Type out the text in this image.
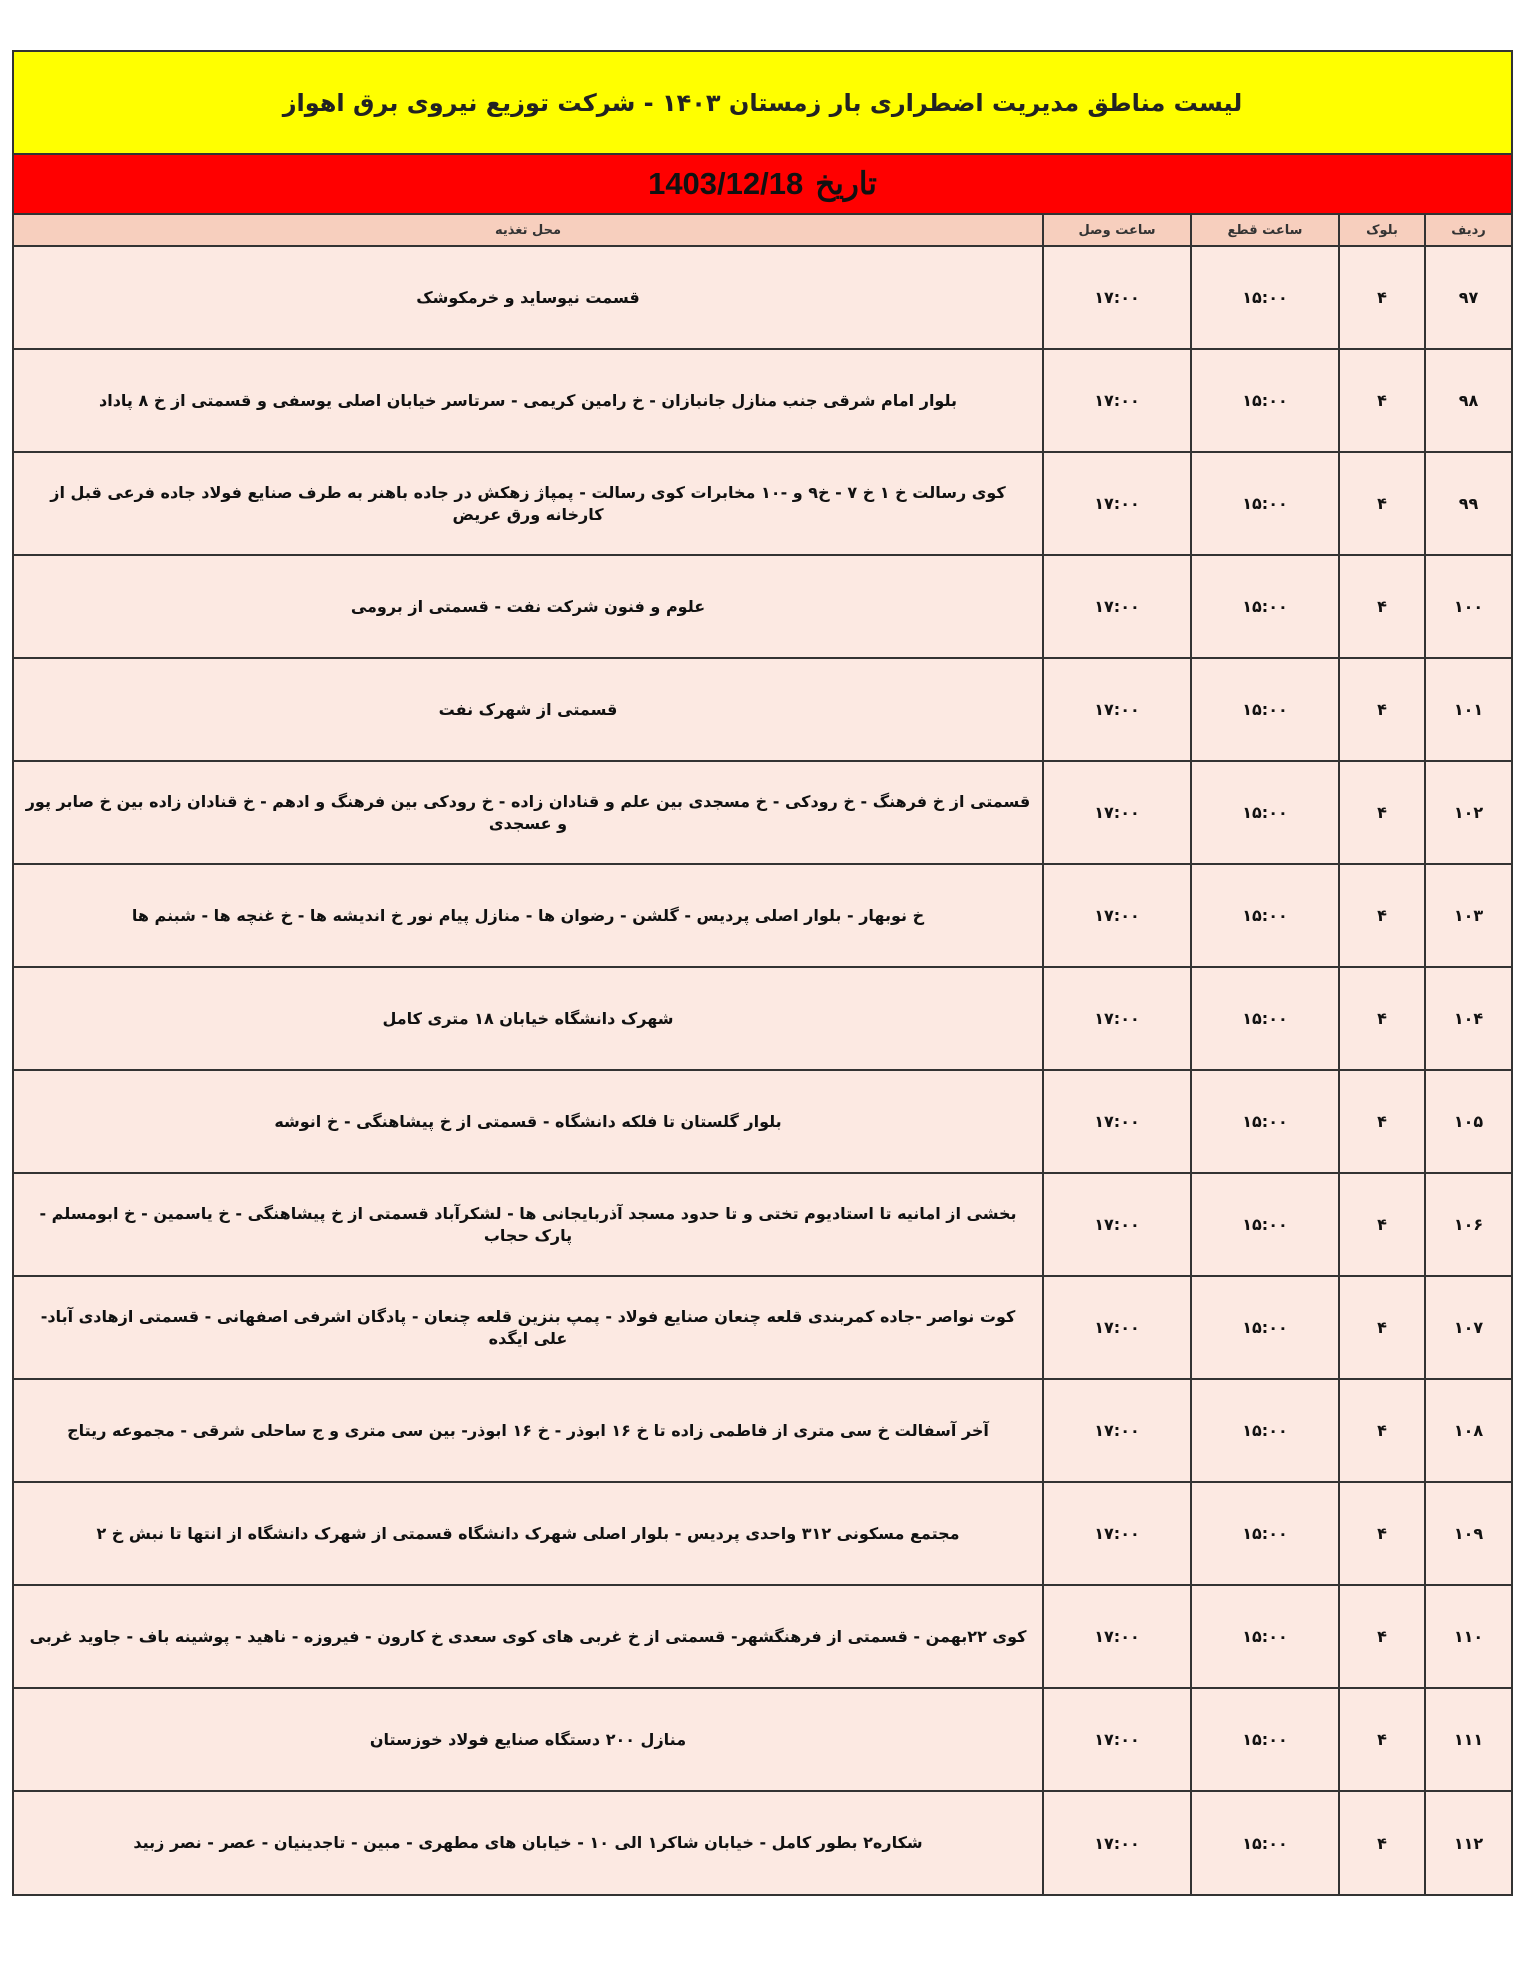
لیست مناطق مدیریت اضطراری بار زمستان ۱۴۰۳ - شرکت توزیع نیروی برق اهواز
تاریخ
1403/12/18
ردیف	بلوک	ساعت قطع	ساعت وصل	محل تغذیه
۹۷	۴	۱۵:۰۰	۱۷:۰۰	قسمت نیوساید و خرمکوشک
۹۸	۴	۱۵:۰۰	۱۷:۰۰	بلوار امام شرقی جنب منازل جانبازان - خ رامین کریمی - سرتاسر خیابان اصلی یوسفی و قسمتی از خ ۸ پاداد
۹۹	۴	۱۵:۰۰	۱۷:۰۰	کوی رسالت خ ۱ خ ۷ - خ۹ و -۱۰ مخابرات کوی رسالت - پمپاژ زهکش در جاده باهنر به طرف صنایع فولاد جاده فرعی قبل از کارخانه ورق عریض
۱۰۰	۴	۱۵:۰۰	۱۷:۰۰	علوم و فنون شرکت نفت - قسمتی از برومی
۱۰۱	۴	۱۵:۰۰	۱۷:۰۰	قسمتی از شهرک نفت
۱۰۲	۴	۱۵:۰۰	۱۷:۰۰	قسمتی از خ فرهنگ - خ رودکی - خ مسجدی بین علم و قنادان زاده - خ رودکی بین فرهنگ و ادهم - خ قنادان زاده بین خ صابر پور و عسجدی
۱۰۳	۴	۱۵:۰۰	۱۷:۰۰	خ نوبهار - بلوار اصلی پردیس - گلشن - رضوان ها - منازل پیام نور خ اندیشه ها - خ غنچه ها - شبنم ها
۱۰۴	۴	۱۵:۰۰	۱۷:۰۰	شهرک دانشگاه خیابان ۱۸ متری کامل
۱۰۵	۴	۱۵:۰۰	۱۷:۰۰	بلوار گلستان تا فلکه دانشگاه - قسمتی از خ پیشاهنگی - خ انوشه
۱۰۶	۴	۱۵:۰۰	۱۷:۰۰	بخشی از امانیه تا استادیوم تختی و تا حدود مسجد آذربایجانی ها - لشکرآباد قسمتی از خ پیشاهنگی - خ یاسمین - خ ابومسلم - پارک حجاب
۱۰۷	۴	۱۵:۰۰	۱۷:۰۰	کوت نواصر -جاده کمربندی قلعه چنعان صنایع فولاد - پمپ بنزین قلعه چنعان - پادگان اشرفی اصفهانی - قسمتی ازهادی آباد- علی ایگده
۱۰۸	۴	۱۵:۰۰	۱۷:۰۰	آخر آسفالت خ سی متری از فاطمی زاده تا خ ۱۶ ابوذر - خ ۱۶ ابوذر- بین سی متری و ج ساحلی شرقی - مجموعه ریتاج
۱۰۹	۴	۱۵:۰۰	۱۷:۰۰	مجتمع مسکونی ۳۱۲ واحدی پردیس - بلوار اصلی شهرک دانشگاه قسمتی از شهرک دانشگاه از انتها تا نبش خ ۲
۱۱۰	۴	۱۵:۰۰	۱۷:۰۰	کوی ۲۲بهمن - قسمتی از فرهنگشهر- قسمتی از خ غربی های کوی سعدی خ کارون - فیروزه - ناهید - پوشینه باف - جاوید غربی
۱۱۱	۴	۱۵:۰۰	۱۷:۰۰	منازل ۲۰۰ دستگاه صنایع فولاد خوزستان
۱۱۲	۴	۱۵:۰۰	۱۷:۰۰	شکاره۲ بطور کامل - خیابان شاکر۱ الی ۱۰ - خیابان های مطهری - مبین - تاجدینیان - عصر - نصر زبید
